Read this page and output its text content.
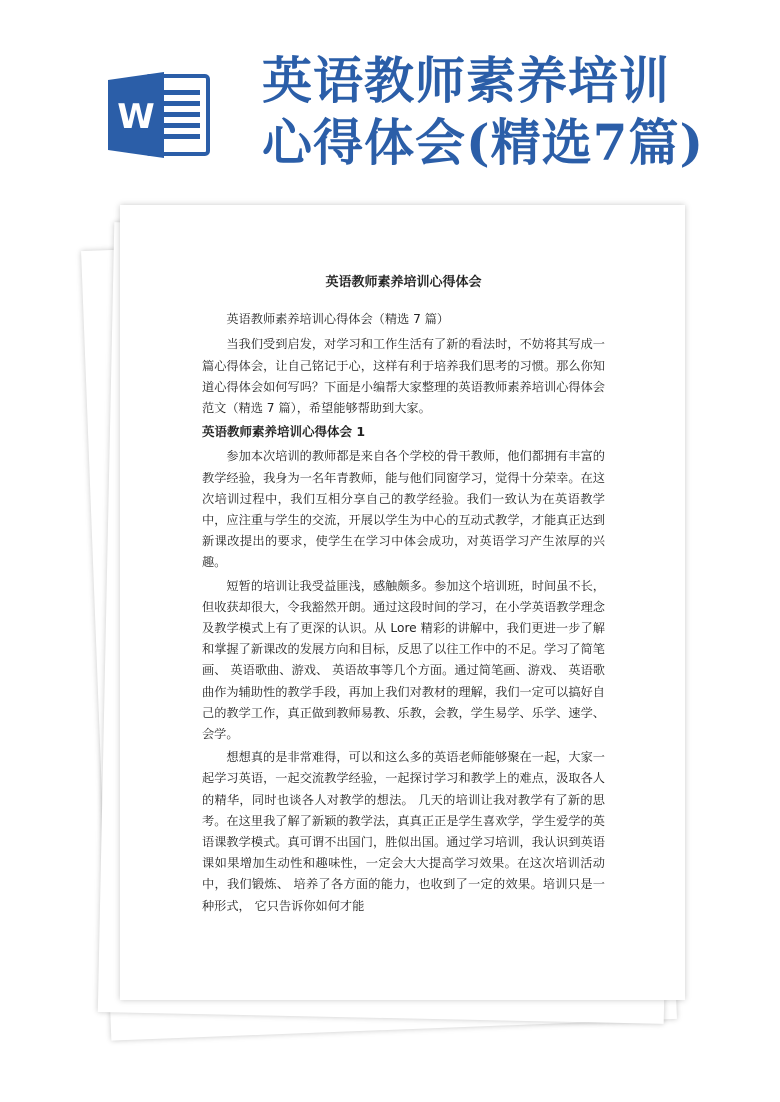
W
英语教师素养培训
心得体会(精选7篇)
英语教师素养培训心得体会

英语教师素养培训心得体会（精选 7 篇）

当我们受到启发，对学习和工作生活有了新的看法时，不妨将其写成一篇心得体会，让自己铭记于心，这样有利于培养我们思考的习惯。那么你知道心得体会如何写吗？下面是小编帮大家整理的英语教师素养培训心得体会范文（精选 7 篇），希望能够帮助到大家。

英语教师素养培训心得体会 1

参加本次培训的教师都是来自各个学校的骨干教师，他们都拥有丰富的教学经验，我身为一名年青教师，能与他们同窗学习，觉得十分荣幸。在这次培训过程中，我们互相分享自己的教学经验。我们一致认为在英语教学中，应注重与学生的交流，开展以学生为中心的互动式教学，才能真正达到新课改提出的要求，使学生在学习中体会成功，对英语学习产生浓厚的兴趣。

短暂的培训让我受益匪浅，感触颇多。参加这个培训班，时间虽不长，但收获却很大，令我豁然开朗。通过这段时间的学习，在小学英语教学理念及教学模式上有了更深的认识。从 Lore 精彩的讲解中，我们更进一步了解和掌握了新课改的发展方向和目标，反思了以往工作中的不足。学习了简笔画、 英语歌曲、游戏、 英语故事等几个方面。通过简笔画、游戏、 英语歌曲作为辅助性的教学手段，再加上我们对教材的理解，我们一定可以搞好自己的教学工作，真正做到教师易教、乐教，会教，学生易学、乐学、速学、会学。

想想真的是非常难得，可以和这么多的英语老师能够聚在一起，大家一起学习英语，一起交流教学经验，一起探讨学习和教学上的难点，汲取各人的精华，同时也谈各人对教学的想法。 几天的培训让我对教学有了新的思考。在这里我了解了新颖的教学法，真真正正是学生喜欢学，学生爱学的英语课教学模式。真可谓不出国门，胜似出国。通过学习培训，我认识到英语课如果增加生动性和趣味性，一定会大大提高学习效果。在这次培训活动中，我们锻炼、 培养了各方面的能力，也收到了一定的效果。培训只是一种形式， 它只告诉你如何才能
